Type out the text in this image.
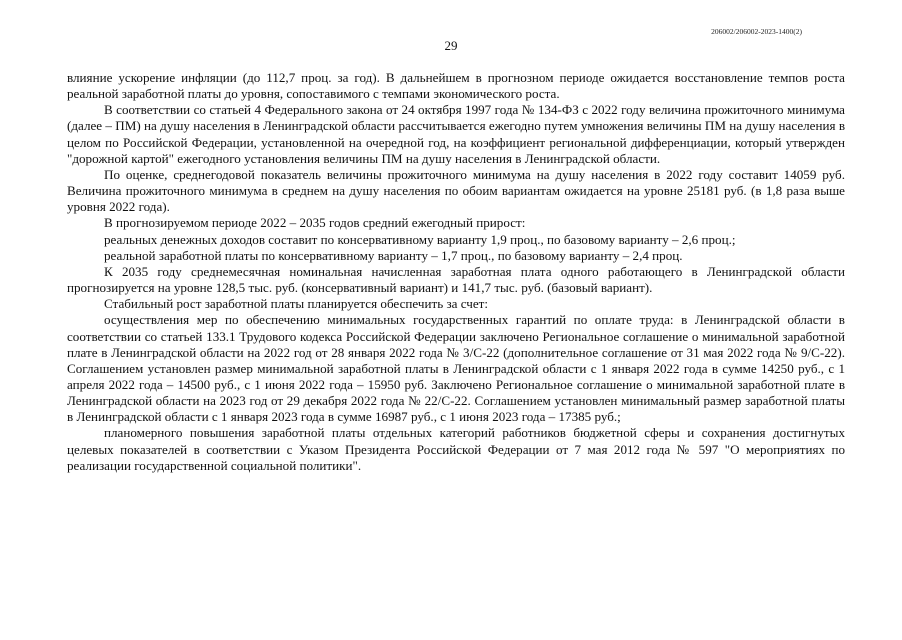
206002/206002-2023-1400(2)
29

влияние ускорение инфляции (до 112,7 проц. за год). В дальнейшем в прогнозном периоде ожидается восстановление темпов роста реальной заработной платы до уровня, сопоставимого с темпами экономического роста.

В соответствии со статьей 4 Федерального закона от 24 октября 1997 года № 134-ФЗ с 2022 году величина прожиточного минимума (далее – ПМ) на душу населения в Ленинградской области рассчитывается ежегодно путем умножения величины ПМ на душу населения в целом по Российской Федерации, установленной на очередной год, на коэффициент региональной дифференциации, который утвержден "дорожной картой" ежегодного установления величины ПМ на душу населения в Ленинградской области.

По оценке, среднегодовой показатель величины прожиточного минимума на душу населения в 2022 году составит 14059 руб. Величина прожиточного минимума в среднем на душу населения по обоим вариантам ожидается на уровне 25181 руб. (в 1,8 раза выше уровня 2022 года).

В прогнозируемом периоде 2022 – 2035 годов средний ежегодный прирост:

реальных денежных доходов составит по консервативному варианту 1,9 проц., по базовому варианту – 2,6 проц.;

реальной заработной платы по консервативному варианту – 1,7 проц., по базовому варианту – 2,4 проц.

К 2035 году среднемесячная номинальная начисленная заработная плата одного работающего в Ленинградской области прогнозируется на уровне 128,5 тыс. руб. (консервативный вариант) и 141,7 тыс. руб. (базовый вариант).

Стабильный рост заработной платы планируется обеспечить за счет:

осуществления мер по обеспечению минимальных государственных гарантий по оплате труда: в Ленинградской области в соответствии со статьей 133.1 Трудового кодекса Российской Федерации заключено Региональное соглашение о минимальной заработной плате в Ленинградской области на 2022 год от 28 января 2022 года № 3/С-22 (дополнительное соглашение от 31 мая 2022 года № 9/С-22). Соглашением установлен размер минимальной заработной платы в Ленинградской области с 1 января 2022 года в сумме 14250 руб., с 1 апреля 2022 года – 14500 руб., с 1 июня 2022 года – 15950 руб. Заключено Региональное соглашение о минимальной заработной плате в Ленинградской области на 2023 год от 29 декабря 2022 года № 22/С-22. Соглашением установлен минимальный размер заработной платы в Ленинградской области с 1 января 2023 года в сумме 16987 руб., с 1 июня 2023 года – 17385 руб.;

планомерного повышения заработной платы отдельных категорий работников бюджетной сферы и сохранения достигнутых целевых показателей в соответствии с Указом Президента Российской Федерации от 7 мая 2012 года № 597 "О мероприятиях по реализации государственной социальной политики".
